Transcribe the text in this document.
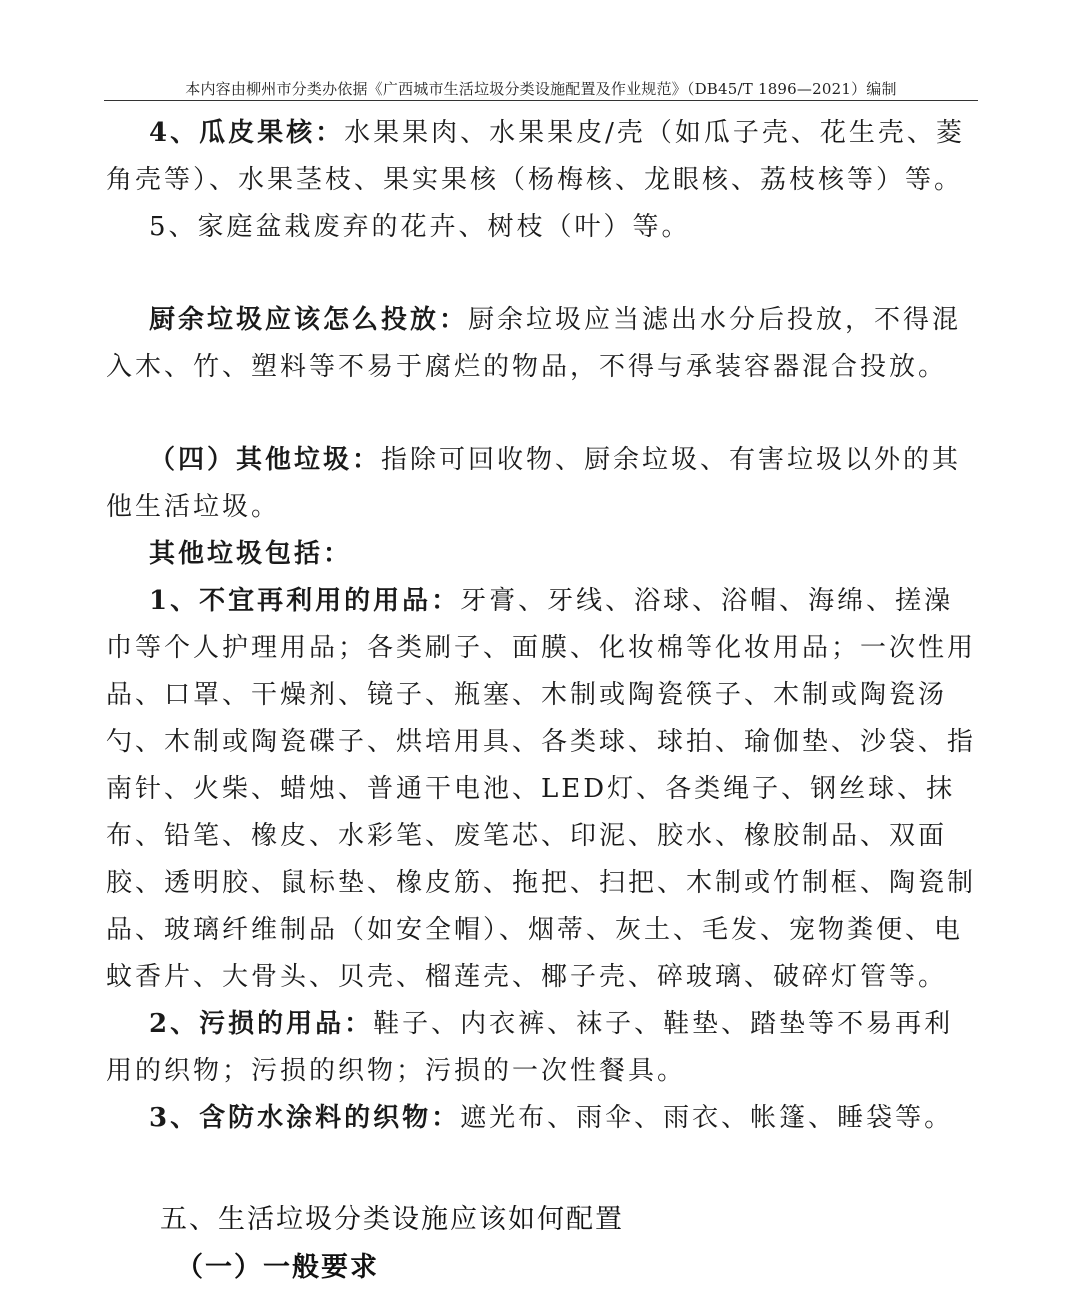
本内容由柳州市分类办依据《广西城市生活垃圾分类设施配置及作业规范》（DB45/T 1896—2021）编制

4、瓜皮果核：水果果肉、水果果皮/壳（如瓜子壳、花生壳、菱角壳等）、水果茎枝、果实果核（杨梅核、龙眼核、荔枝核等）等。

5、家庭盆栽废弃的花卉、树枝（叶）等。

厨余垃圾应该怎么投放：厨余垃圾应当滤出水分后投放，不得混入木、竹、塑料等不易于腐烂的物品，不得与承装容器混合投放。

（四）其他垃圾：指除可回收物、厨余垃圾、有害垃圾以外的其他生活垃圾。

其他垃圾包括：

1、不宜再利用的用品：牙膏、牙线、浴球、浴帽、海绵、搓澡巾等个人护理用品；各类刷子、面膜、化妆棉等化妆用品；一次性用品、口罩、干燥剂、镜子、瓶塞、木制或陶瓷筷子、木制或陶瓷汤勺、木制或陶瓷碟子、烘培用具、各类球、球拍、瑜伽垫、沙袋、指南针、火柴、蜡烛、普通干电池、LED灯、各类绳子、钢丝球、抹布、铅笔、橡皮、水彩笔、废笔芯、印泥、胶水、橡胶制品、双面胶、透明胶、鼠标垫、橡皮筋、拖把、扫把、木制或竹制框、陶瓷制品、玻璃纤维制品（如安全帽）、烟蒂、灰土、毛发、宠物粪便、电蚊香片、大骨头、贝壳、榴莲壳、椰子壳、碎玻璃、破碎灯管等。

2、污损的用品：鞋子、内衣裤、袜子、鞋垫、踏垫等不易再利用的织物；污损的织物；污损的一次性餐具。

3、含防水涂料的织物：遮光布、雨伞、雨衣、帐篷、睡袋等。

五、生活垃圾分类设施应该如何配置
（一）一般要求
